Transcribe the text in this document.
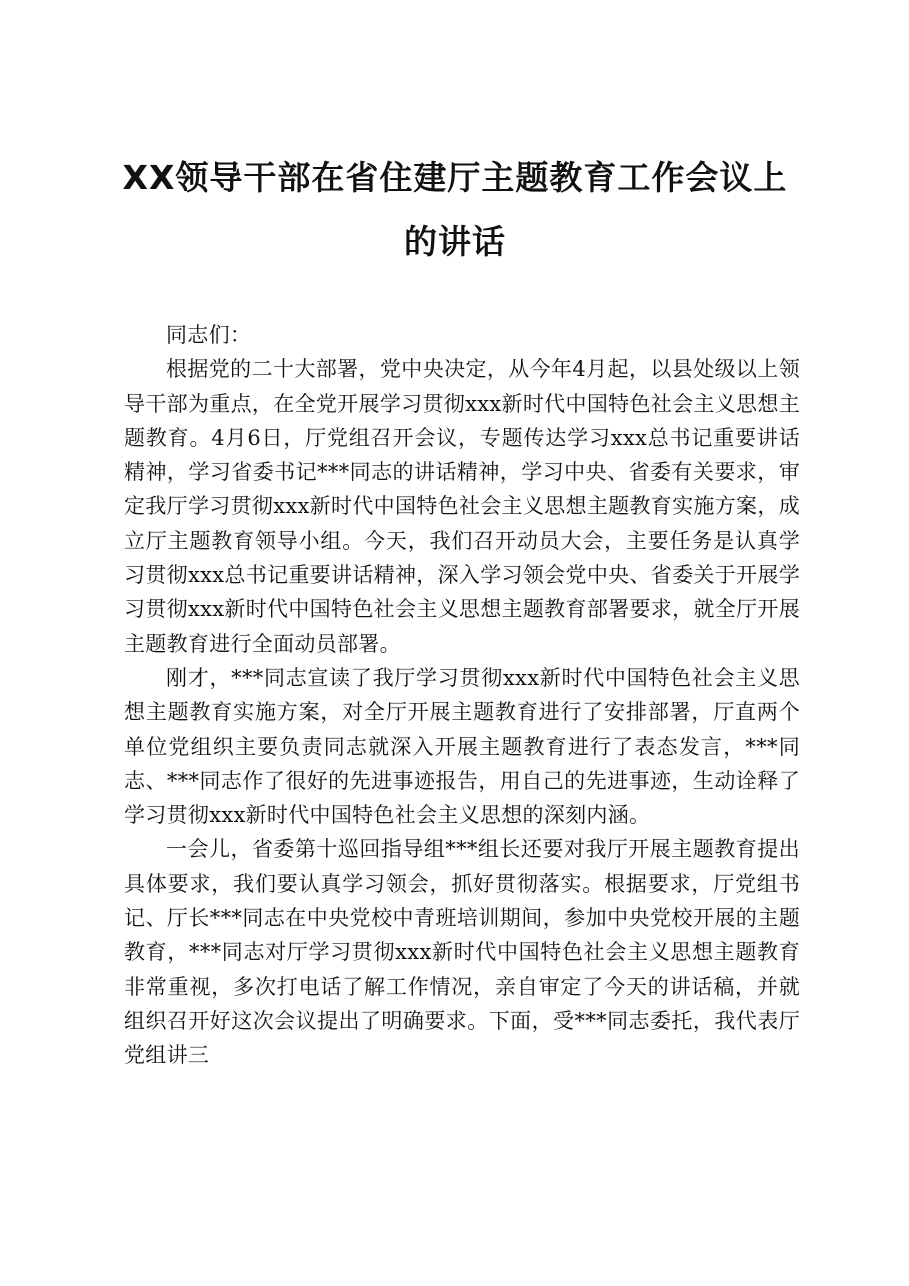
XX领导干部在省住建厅主题教育工作会议上
的讲话

同志们：

根据党的二十大部署，党中央决定，从今年4月起，以县处级以上领导干部为重点，在全党开展学习贯彻xxx新时代中国特色社会主义思想主题教育。4月6日，厅党组召开会议，专题传达学习xxx总书记重要讲话精神，学习省委书记***同志的讲话精神，学习中央、省委有关要求，审定我厅学习贯彻xxx新时代中国特色社会主义思想主题教育实施方案，成立厅主题教育领导小组。今天，我们召开动员大会，主要任务是认真学习贯彻xxx总书记重要讲话精神，深入学习领会党中央、省委关于开展学习贯彻xxx新时代中国特色社会主义思想主题教育部署要求，就全厅开展主题教育进行全面动员部署。

刚才，***同志宣读了我厅学习贯彻xxx新时代中国特色社会主义思想主题教育实施方案，对全厅开展主题教育进行了安排部署，厅直两个单位党组织主要负责同志就深入开展主题教育进行了表态发言，***同志、***同志作了很好的先进事迹报告，用自己的先进事迹，生动诠释了学习贯彻xxx新时代中国特色社会主义思想的深刻内涵。

一会儿，省委第十巡回指导组***组长还要对我厅开展主题教育提出具体要求，我们要认真学习领会，抓好贯彻落实。根据要求，厅党组书记、厅长***同志在中央党校中青班培训期间，参加中央党校开展的主题教育，***同志对厅学习贯彻xxx新时代中国特色社会主义思想主题教育非常重视，多次打电话了解工作情况，亲自审定了今天的讲话稿，并就组织召开好这次会议提出了明确要求。下面，受***同志委托，我代表厅党组讲三
